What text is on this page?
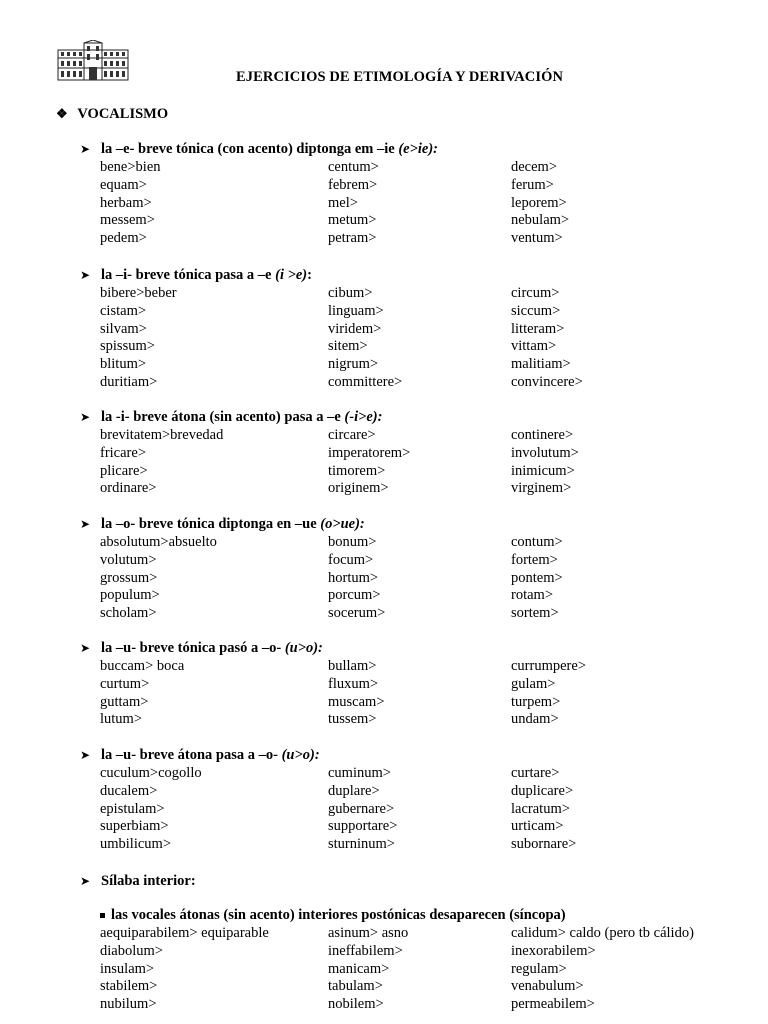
EJERCICIOS DE ETIMOLOGÍA Y DERIVACIÓN
❖ VOCALISMO
➤ la –e- breve tónica (con acento) diptonga em –ie (e>ie):
bene>bien	centum>	decem>
equam>	febrem>	ferum>
herbam>	mel>	leporem>
messem>	metum>	nebulam>
pedem>	petram>	ventum>
➤ la –i- breve tónica pasa a –e (i >e):
bibere>beber	cibum>	circum>
cistam>	linguam>	siccum>
silvam>	viridem>	litteram>
spissum>	sitem>	vittam>
blitum>	nigrum>	malitiam>
duritiam>	committere>	convincere>
➤ la -i- breve átona (sin acento) pasa a –e (-i>e):
brevitatem>brevedad	circare>	continere>
fricare>	imperatorem>	involutum>
plicare>	timorem>	inimicum>
ordinare>	originem>	virginem>
➤ la –o- breve tónica diptonga en –ue (o>ue):
absolutum>absuelto	bonum>	contum>
volutum>	focum>	fortem>
grossum>	hortum>	pontem>
populum>	porcum>	rotam>
scholam>	socerum>	sortem>
➤ la –u- breve tónica pasó a –o- (u>o):
buccam> boca	bullam>	currumpere>
curtum>	fluxum>	gulam>
guttam>	muscam>	turpem>
lutum>	tussem>	undam>
➤ la –u- breve átona pasa a –o- (u>o):
cuculum>cogollo	cuminum>	curtare>
ducalem>	duplare>	duplicare>
epistulam>	gubernare>	lacratum>
superbiam>	supportare>	urticam>
umbilicum>	sturninum>	subornare>
➤ Sílaba interior:
las vocales átonas (sin acento) interiores postónicas desaparecen (síncopa)
aequiparabilem> equiparable	asinum> asno	calidum> caldo (pero tb cálido)
diabolum>	ineffabilem>	inexorabilem>
insulam>	manicam>	regulam>
stabilem>	tabulam>	venabulum>
nubilum>	nobilem>	permeabilem>
